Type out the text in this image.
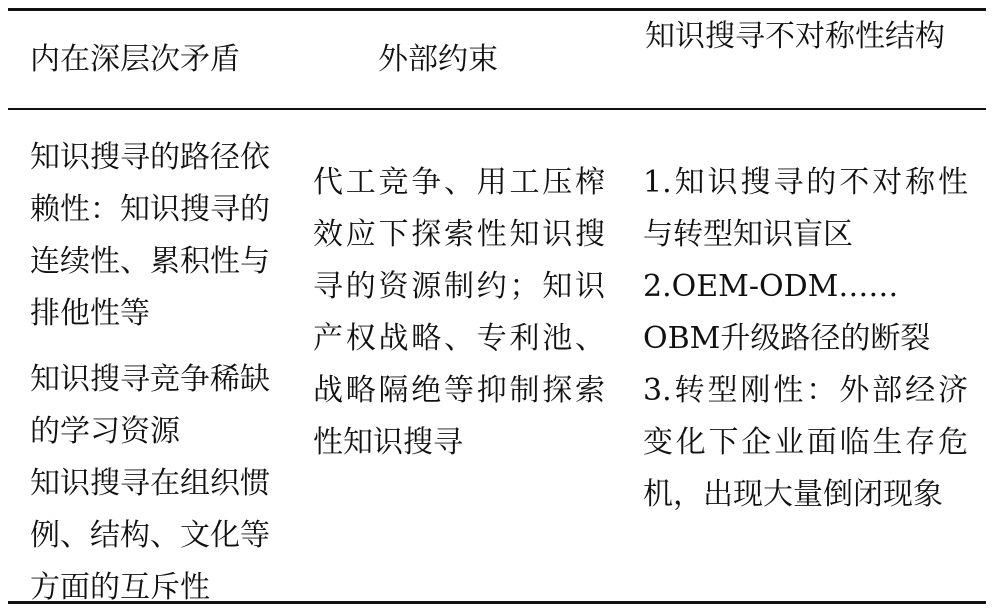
内在深层次矛盾	外部约束
知识搜寻不对称性结构
知识搜寻的路径依赖性：知识搜寻的连续性、累积性与排他性等
知识搜寻竞争稀缺的学习资源
知识搜寻在组织惯例、结构、文化等方面的互斥性
代工竞争、用工压榨效应下探索性知识搜寻的资源制约；知识产权战略、专利池、战略隔绝等抑制探索性知识搜寻
1.知识搜寻的不对称性与转型知识盲区
2.OEM-ODM……OBM升级路径的断裂
3.转型刚性：外部经济变化下企业面临生存危机，出现大量倒闭现象
